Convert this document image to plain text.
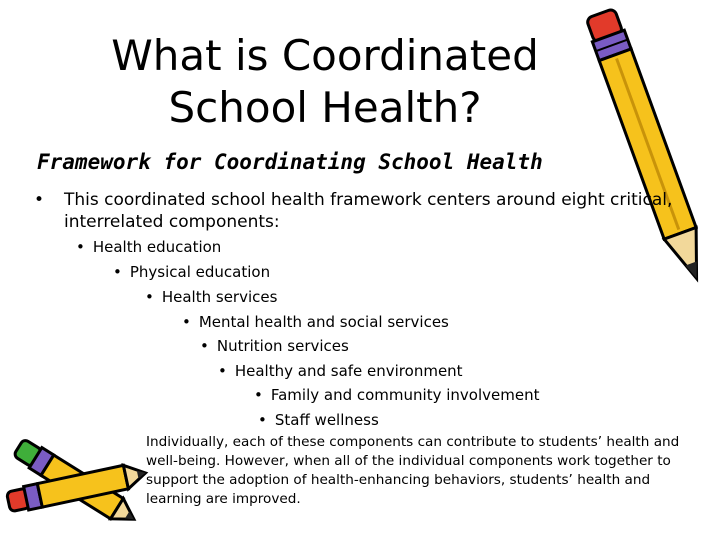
What is Coordinated
School Health?
Framework for Coordinating School Health
• This coordinated school health framework centers around eight critical, interrelated components:
• Health education
• Physical education
• Health services
• Mental health and social services
• Nutrition services
• Healthy and safe environment
• Family and community involvement
• Staff wellness
Individually, each of these components can contribute to students’ health and well-being. However, when all of the individual components work together to support the adoption of health-enhancing behaviors, students’ health and learning are improved.
